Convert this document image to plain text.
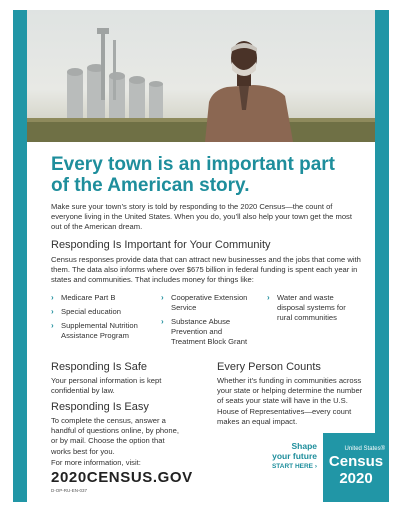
Every town is an important part of the American story.

Make sure your town’s story is told by responding to the 2020 Census—the count of everyone living in the United States. When you do, you’ll also help your town get the most out of the American dream.

Responding Is Important for Your Community

Census responses provide data that can attract new businesses and the jobs that come with them. The data also informs where over $675 billion in federal funding is spent each year in states and communities. That includes money for things like:

› Medicare Part B
› Special education
› Supplemental Nutrition Assistance Program
› Cooperative Extension Service
› Substance Abuse Prevention and Treatment Block Grant
› Water and waste disposal systems for rural communities
Responding Is Safe

Your personal information is kept confidential by law.

Responding Is Easy

To complete the census, answer a handful of questions online, by phone, or by mail. Choose the option that works best for you.

Every Person Counts

Whether it’s funding in communities across your state or helping determine the number of seats your state will have in the U.S. House of Representatives—every count makes an equal impact.

For more information, visit:

2020CENSUS.GOV

D-OP-RU-EN-037

Shape
your future
START HERE ›
United States®
Census
2020
